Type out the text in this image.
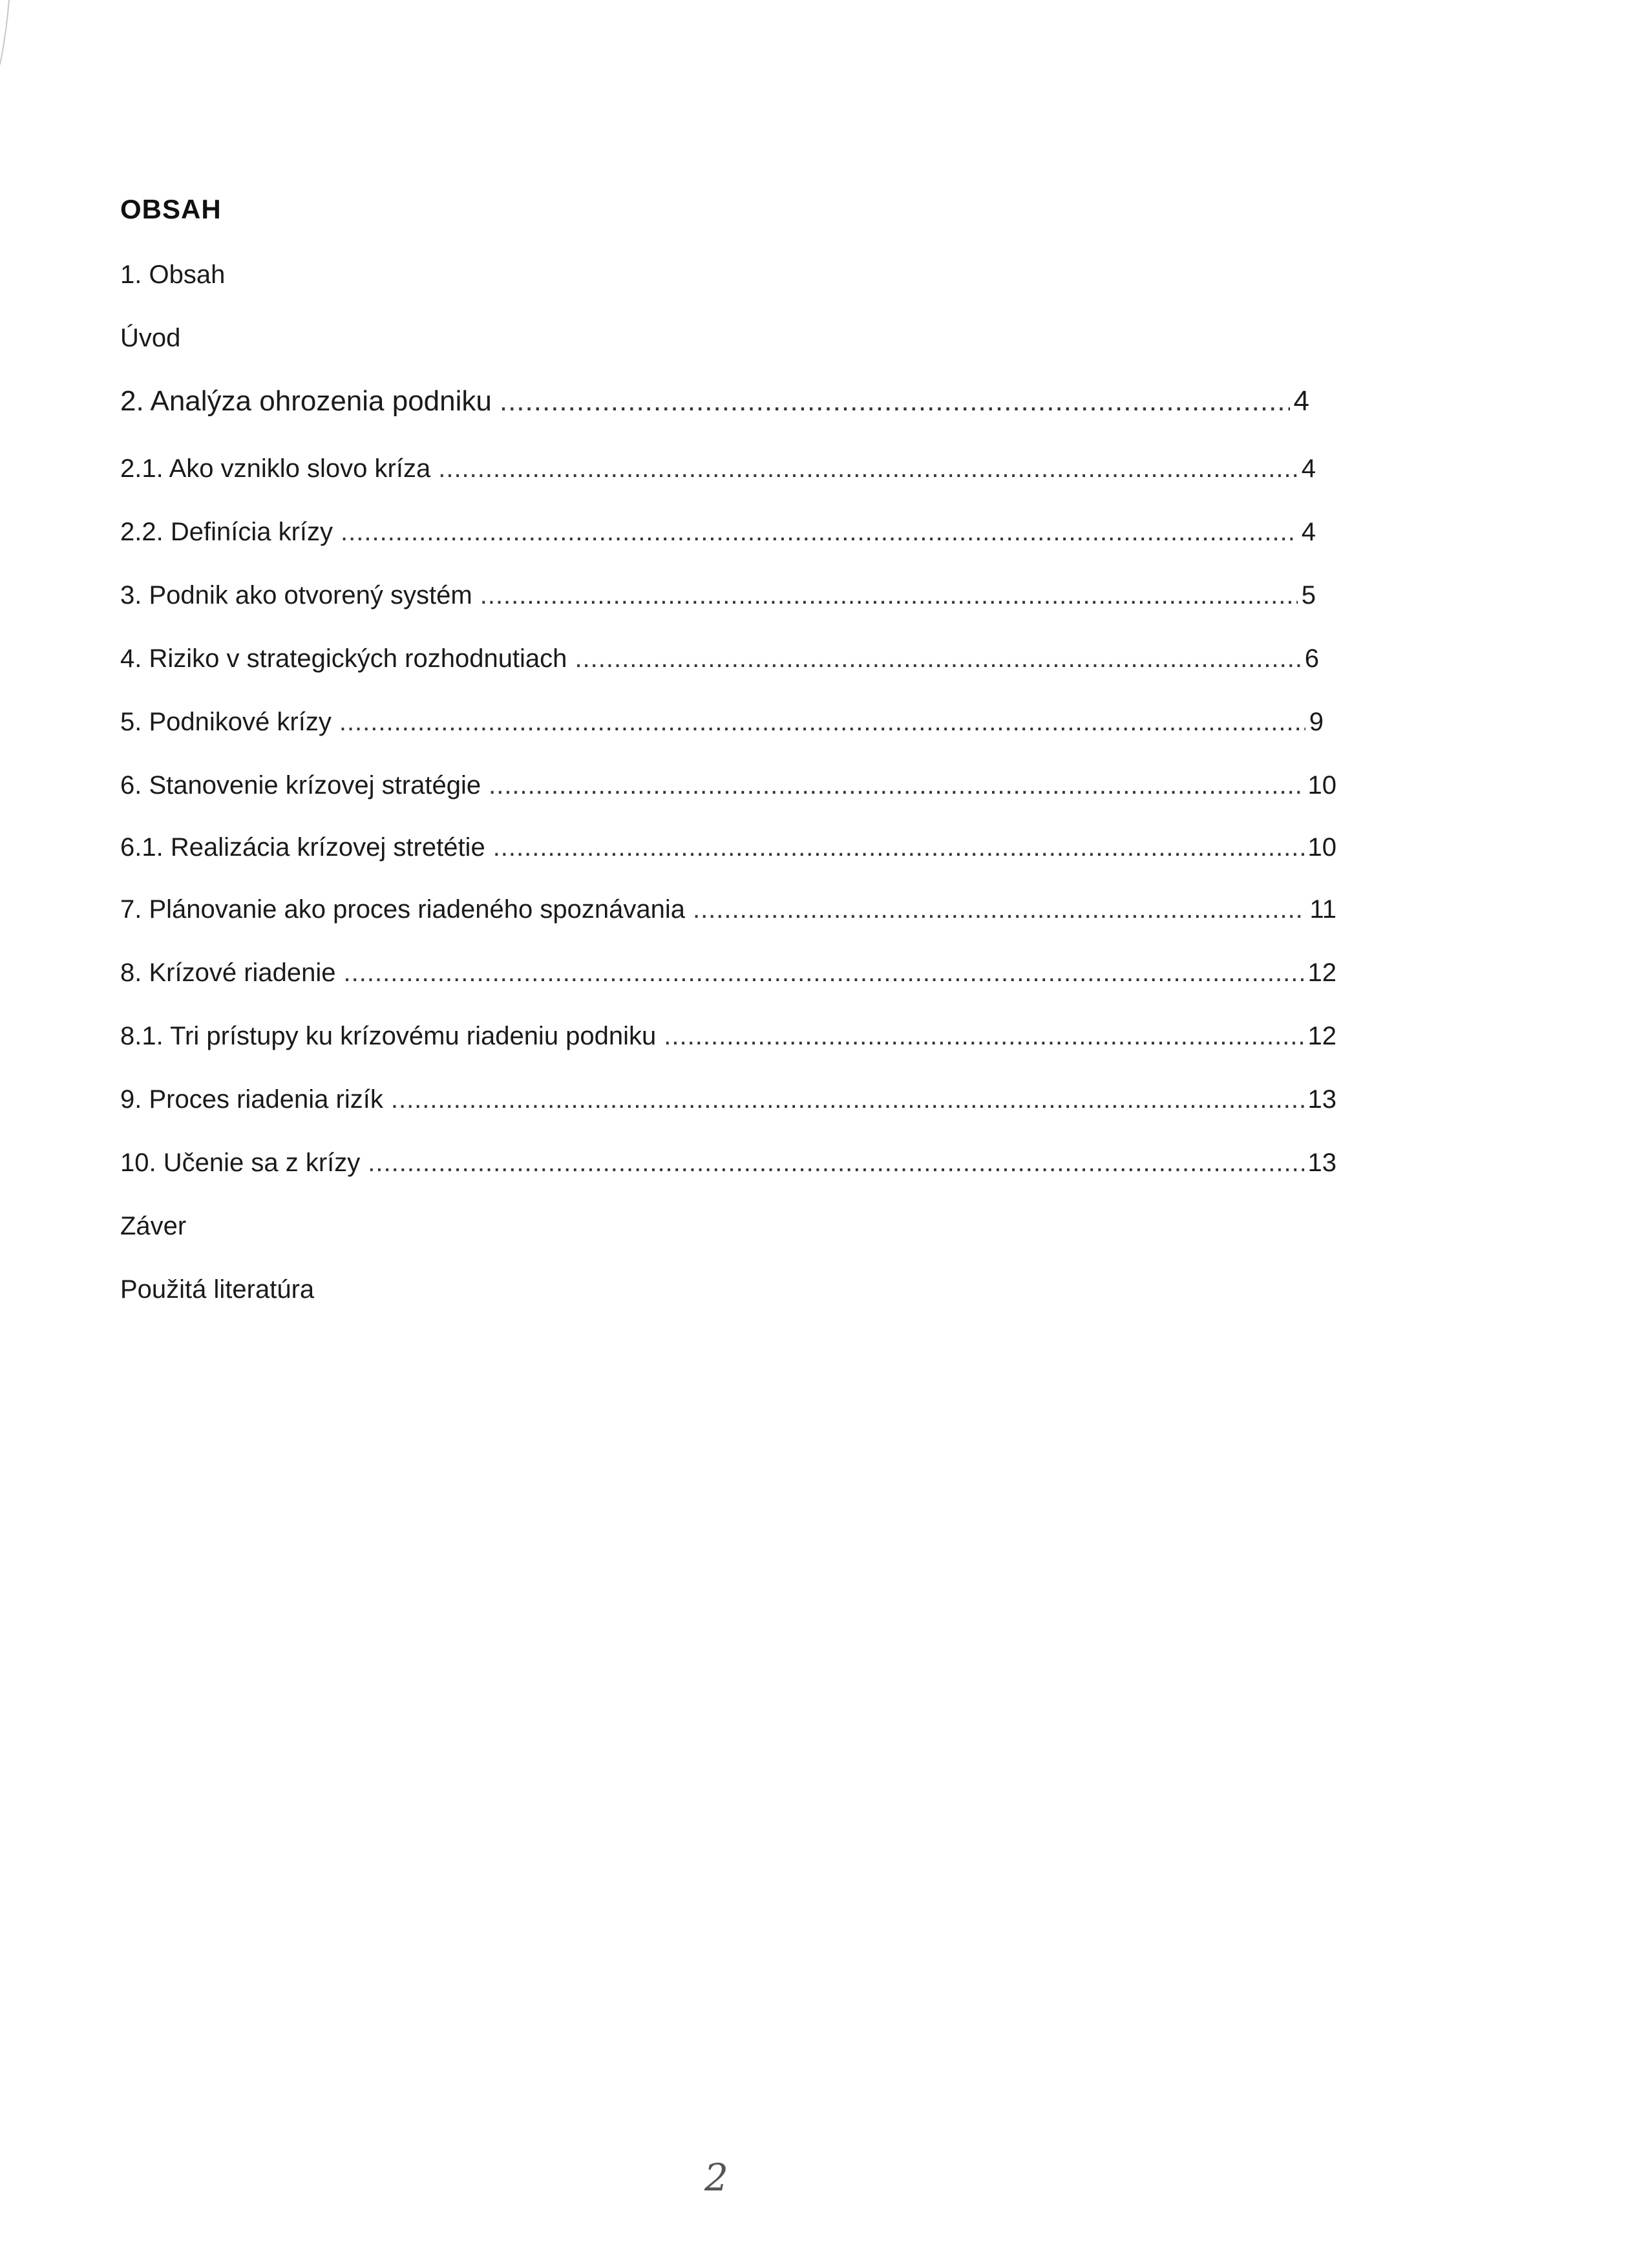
OBSAH
1. Obsah
Úvod
2. Analýza ohrozenia podniku .....	4
2.1. Ako vzniklo slovo kríza .....	4
2.2. Definícia krízy .....	4
3. Podnik ako otvorený systém .....	5
4. Riziko v strategických rozhodnutiach .....	6
5. Podnikové krízy .....	9
6. Stanovenie krízovej stratégie .....	10
6.1. Realizácia krízovej stretétie .....	10
7. Plánovanie ako proces riadeného spoznávania .....	11
8. Krízové riadenie .....	12
8.1. Tri prístupy ku krízovému riadeniu podniku .....	12
9. Proces riadenia rizík .....	13
10. Učenie sa z krízy .....	13
Záver
Použitá literatúra
2
